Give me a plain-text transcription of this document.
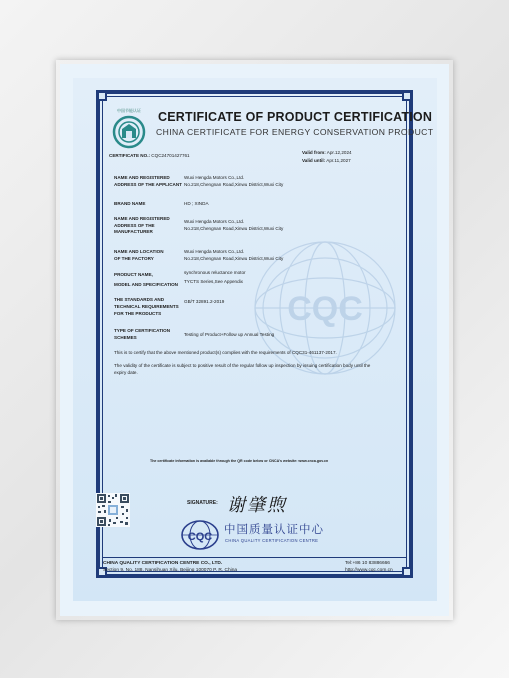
CQC
中国节能认证 CERTIFICATE OF PRODUCT CERTIFICATION
CHINA CERTIFICATE FOR ENERGY CONSERVATION PRODUCT
CERTIFICATE NO.: CQC24701427761
Valid from: Apr.12,2024
Valid until: Apr.11,2027
NAME AND REGISTERED
ADDRESS OF THE APPLICANT
Wuxi Hengda Motors Co.,Ltd.
No.218,Chengnan Road,Xinwu District,Wuxi City
BRAND NAME	HD ; XINDA
NAME AND REGISTERED
ADDRESS OF THE
MANUFACTURER
Wuxi Hengda Motors Co.,Ltd.
No.218,Chengnan Road,Xinwu District,Wuxi City
NAME AND LOCATION
OF THE FACTORY
Wuxi Hengda Motors Co.,Ltd.
No.218,Chengnan Road,Xinwu District,Wuxi City
PRODUCT NAME,
MODEL AND SPECIFICATION
synchronous reluctance motor
TYCTS Series,See Appendix
THE STANDARDS AND
TECHNICAL REQUIREMENTS
FOR THE PRODUCTS
GB/T 32891.2-2019
TYPE OF CERTIFICATION
SCHEMES	Testing of Product+Follow up Annual Testing
This is to certify that the above mentioned product(s) complies with the requirements of CQC31-461137-2017.
The validity of the certificate is subject to positive result of the regular follow up inspection by issuing certification body until the
expiry date.
The certificate information is available through the QR code below or CNCA's website: www.cnca.gov.cn
SIGNATURE: 谢肇煦
CQC
中国质量认证中心
CHINA QUALITY CERTIFICATION CENTRE
CHINA QUALITY CERTIFICATION CENTRE CO., LTD.
Section 9, No. 188, Nansihuan Xilu, Beijing 100070 P. R. China
Tel:+86 10 83886666
http://www.cqc.com.cn
